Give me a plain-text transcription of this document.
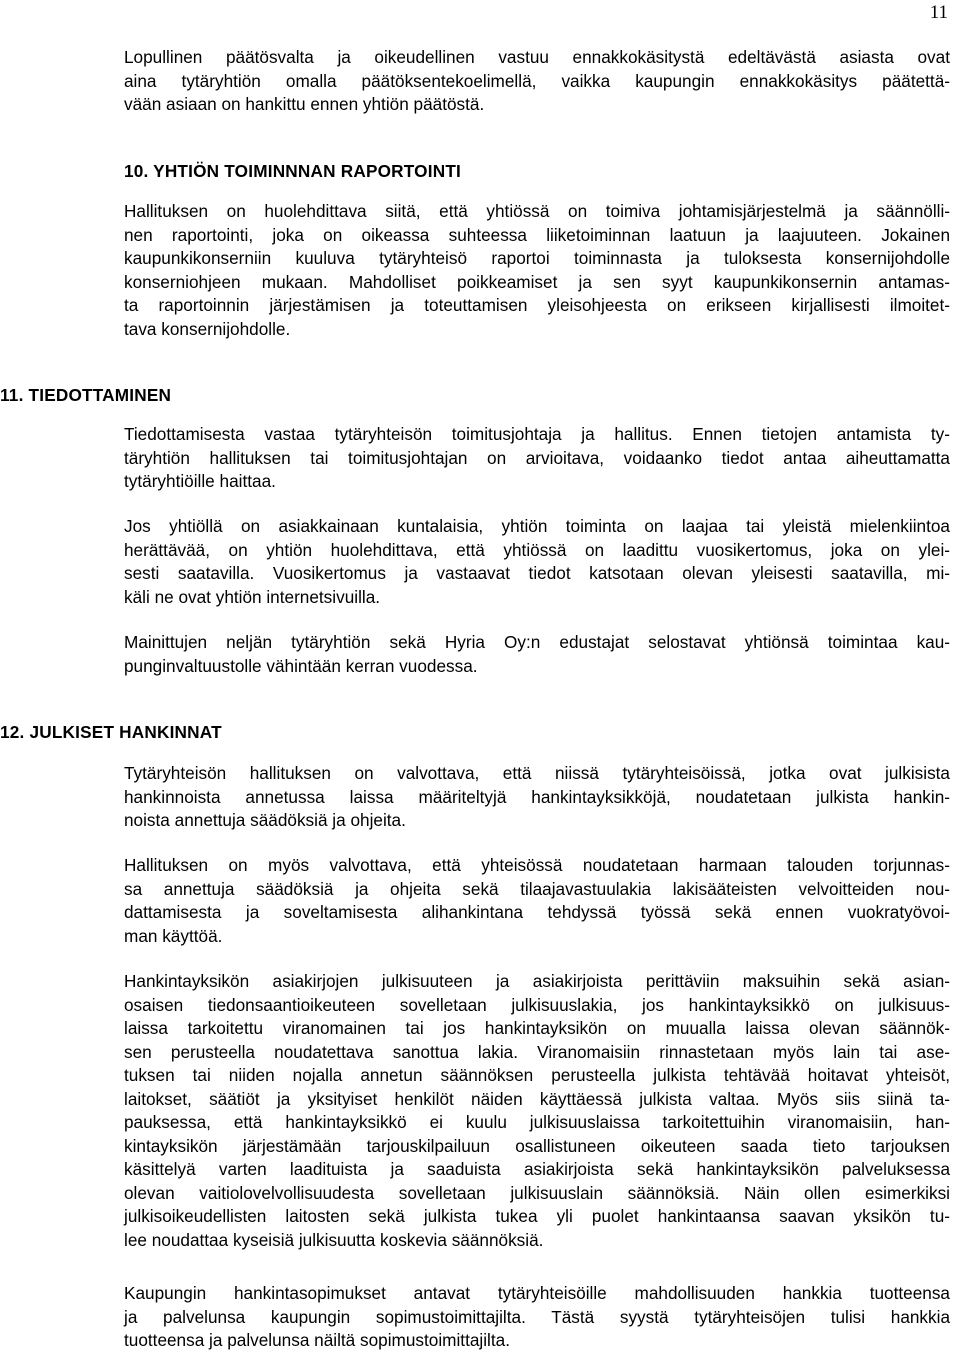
11
Lopullinen päätösvalta ja oikeudellinen vastuu ennakkokäsitystä edeltävästä asiasta ovat
aina tytäryhtiön omalla päätöksentekoelimellä, vaikka kaupungin ennakkokäsitys päätettä-
vään asiaan on hankittu ennen yhtiön päätöstä.
10. YHTIÖN TOIMINNNAN RAPORTOINTI
Hallituksen on huolehdittava siitä, että yhtiössä on toimiva johtamisjärjestelmä ja säännölli-
nen raportointi, joka on oikeassa suhteessa liiketoiminnan laatuun ja laajuuteen. Jokainen
kaupunkikonserniin kuuluva tytäryhteisö raportoi toiminnasta ja tuloksesta konsernijohdolle
konserniohjeen mukaan. Mahdolliset poikkeamiset ja sen syyt kaupunkikonsernin antamas-
ta raportoinnin järjestämisen ja toteuttamisen yleisohjeesta on erikseen kirjallisesti ilmoitet-
tava konsernijohdolle.
11. TIEDOTTAMINEN
Tiedottamisesta vastaa tytäryhteisön toimitusjohtaja ja hallitus. Ennen tietojen antamista ty-
täryhtiön hallituksen tai toimitusjohtajan on arvioitava, voidaanko tiedot antaa aiheuttamatta
tytäryhtiöille haittaa.
Jos yhtiöllä on asiakkainaan kuntalaisia, yhtiön toiminta on laajaa tai yleistä mielenkiintoa
herättävää, on yhtiön huolehdittava, että yhtiössä on laadittu vuosikertomus, joka on ylei-
sesti saatavilla. Vuosikertomus ja vastaavat tiedot katsotaan olevan yleisesti saatavilla, mi-
käli ne ovat yhtiön internetsivuilla.
Mainittujen neljän tytäryhtiön sekä Hyria Oy:n edustajat selostavat yhtiönsä toimintaa kau-
punginvaltuustolle vähintään kerran vuodessa.
12. JULKISET HANKINNAT
Tytäryhteisön hallituksen on valvottava, että niissä tytäryhteisöissä, jotka ovat julkisista
hankinnoista annetussa laissa määriteltyjä hankintayksikköjä, noudatetaan julkista hankin-
noista annettuja säädöksiä ja ohjeita.
Hallituksen on myös valvottava, että yhteisössä noudatetaan harmaan talouden torjunnas-
sa annettuja säädöksiä ja ohjeita sekä tilaajavastuulakia lakisääteisten velvoitteiden nou-
dattamisesta ja soveltamisesta alihankintana tehdyssä työssä sekä ennen vuokratyövoi-
man käyttöä.
Hankintayksikön asiakirjojen julkisuuteen ja asiakirjoista perittäviin maksuihin sekä asian-
osaisen tiedonsaantioikeuteen sovelletaan julkisuuslakia, jos hankintayksikkö on julkisuus-
laissa tarkoitettu viranomainen tai jos hankintayksikön on muualla laissa olevan säännök-
sen perusteella noudatettava sanottua lakia. Viranomaisiin rinnastetaan myös lain tai ase-
tuksen tai niiden nojalla annetun säännöksen perusteella julkista tehtävää hoitavat yhteisöt,
laitokset, säätiöt ja yksityiset henkilöt näiden käyttäessä julkista valtaa. Myös siis siinä ta-
pauksessa, että hankintayksikkö ei kuulu julkisuuslaissa tarkoitettuihin viranomaisiin, han-
kintayksikön järjestämään tarjouskilpailuun osallistuneen oikeuteen saada tieto tarjouksen
käsittelyä varten laadituista ja saaduista asiakirjoista sekä hankintayksikön palveluksessa
olevan vaitiolovelvollisuudesta sovelletaan julkisuuslain säännöksiä. Näin ollen esimerkiksi
julkisoikeudellisten laitosten sekä julkista tukea yli puolet hankintaansa saavan yksikön tu-
lee noudattaa kyseisiä julkisuutta koskevia säännöksiä.
Kaupungin hankintasopimukset antavat tytäryhteisöille mahdollisuuden hankkia tuotteensa
ja palvelunsa kaupungin sopimustoimittajilta. Tästä syystä tytäryhteisöjen tulisi hankkia
tuotteensa ja palvelunsa näiltä sopimustoimittajilta.
